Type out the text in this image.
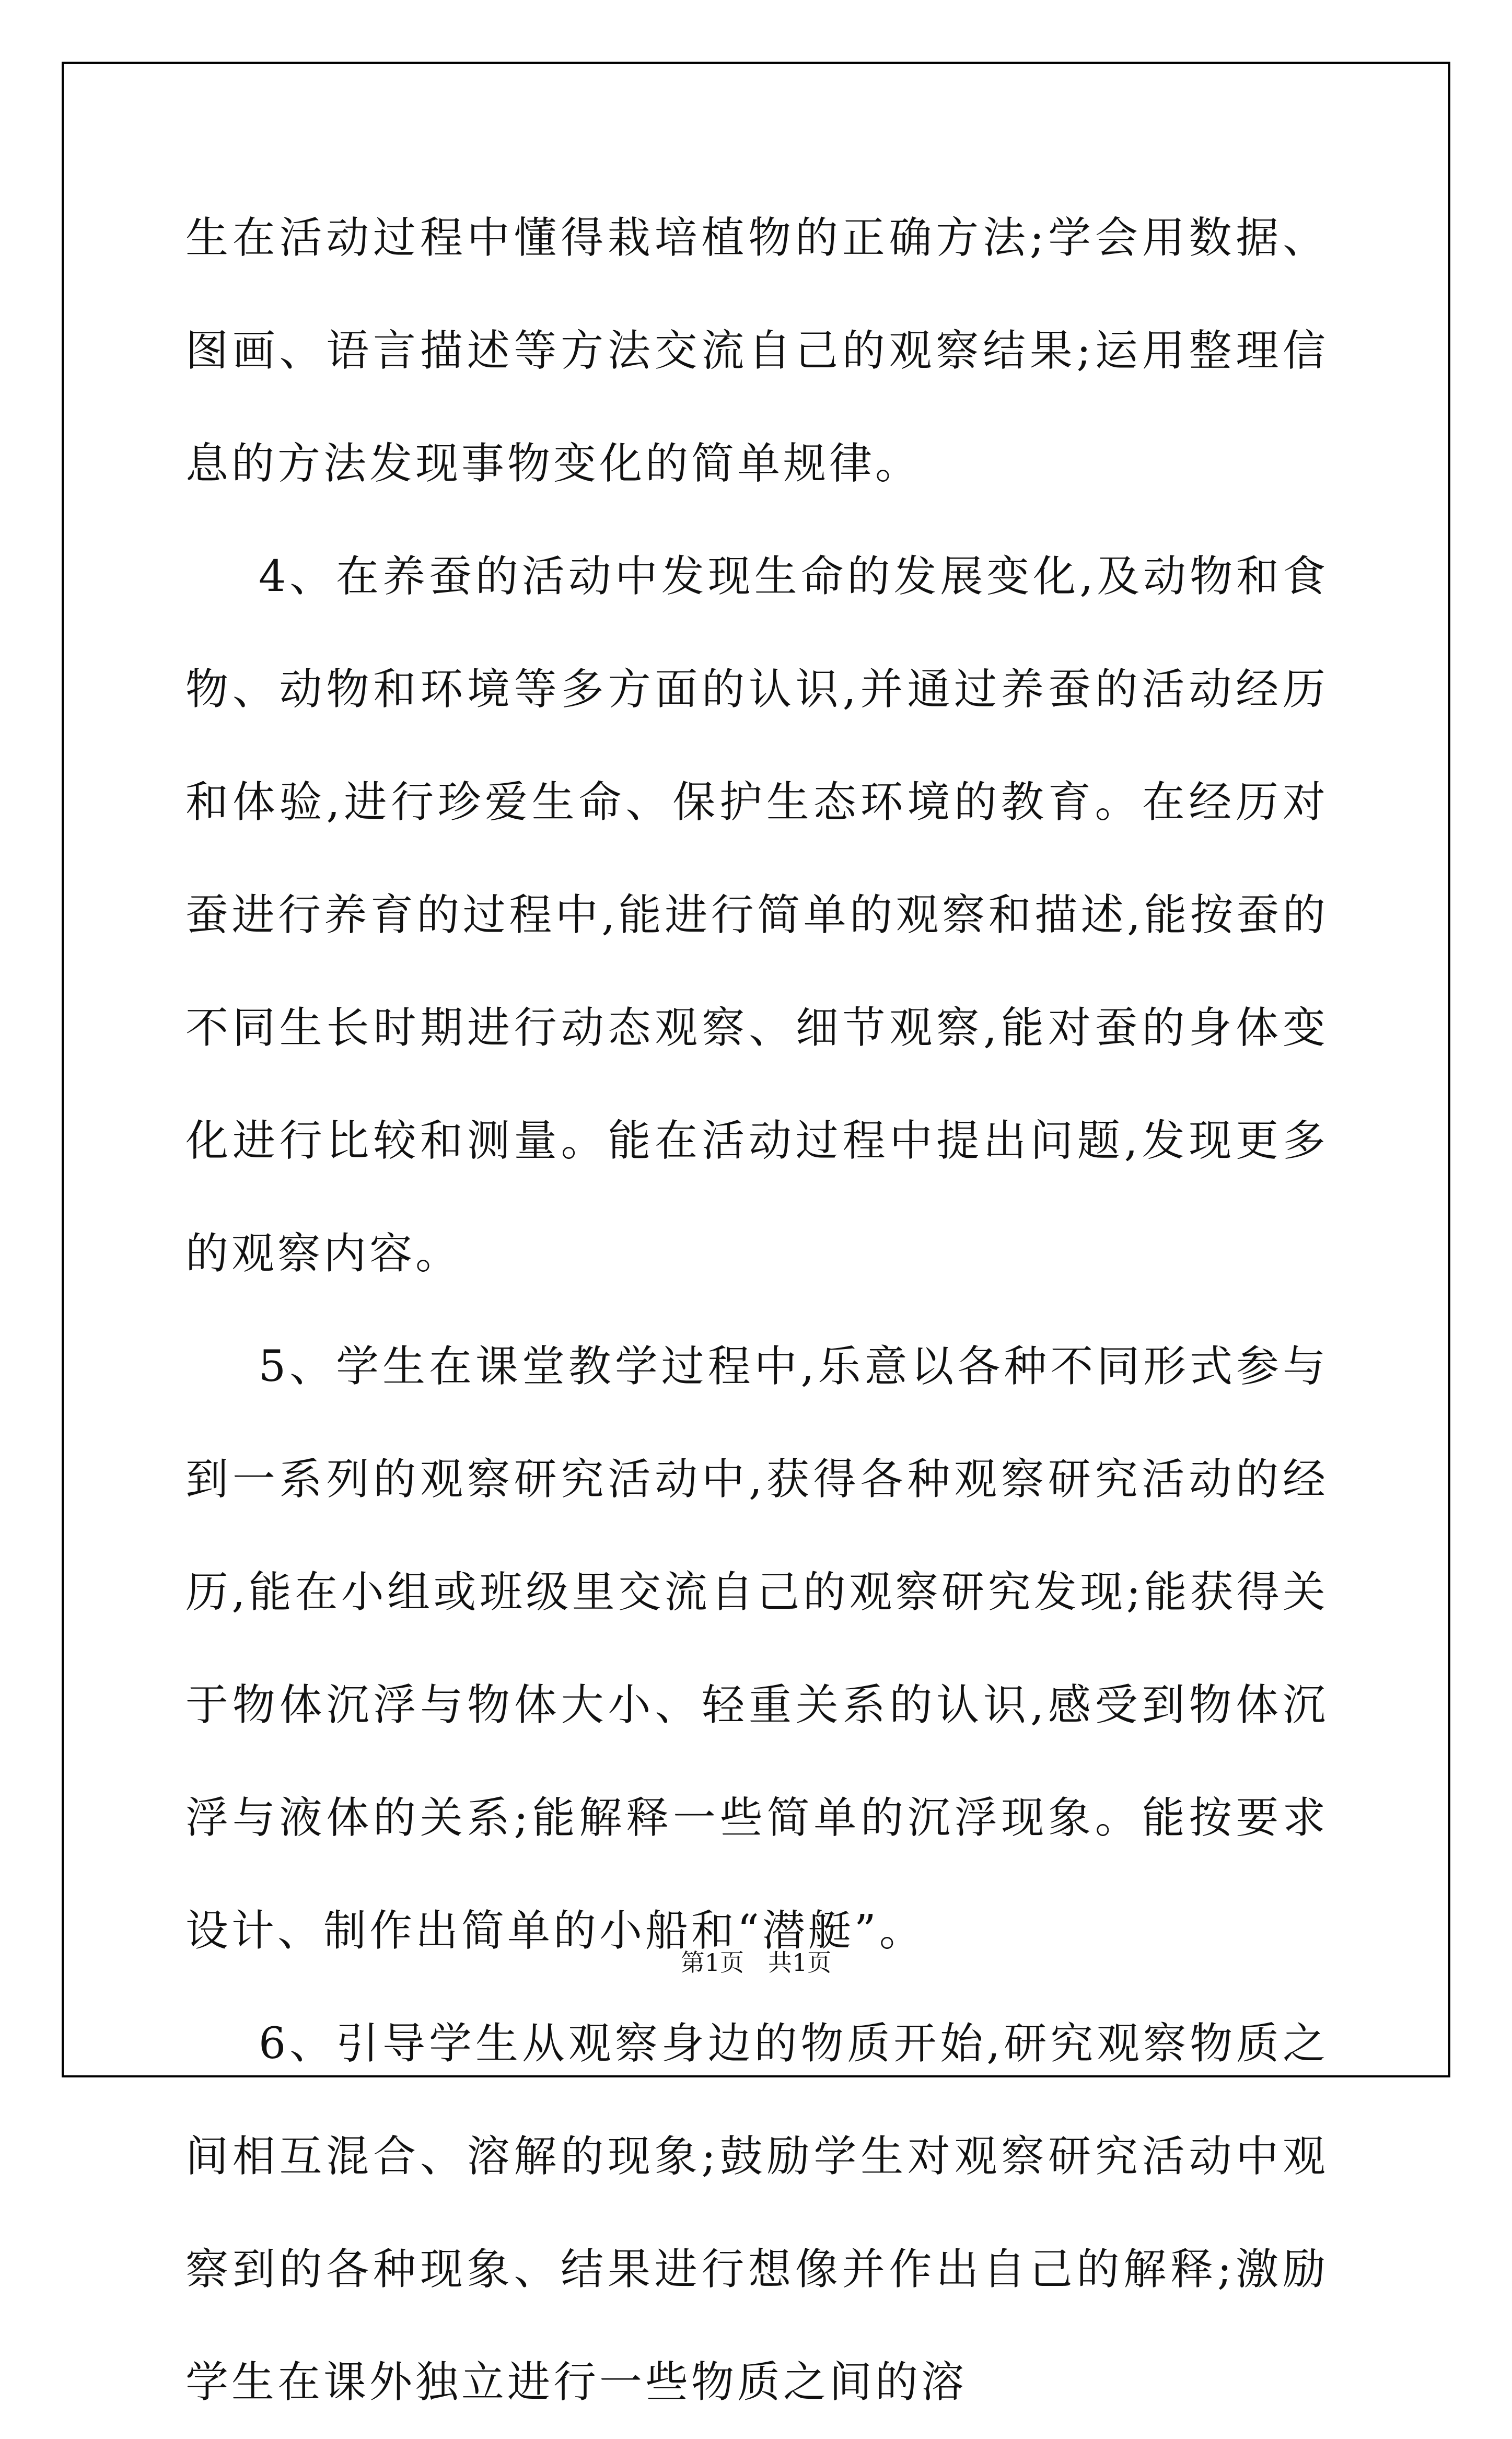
生在活动过程中懂得栽培植物的正确方法;学会用数据、图画、语言描述等方法交流自己的观察结果;运用整理信息的方法发现事物变化的简单规律。

4、在养蚕的活动中发现生命的发展变化,及动物和食物、动物和环境等多方面的认识,并通过养蚕的活动经历和体验,进行珍爱生命、保护生态环境的教育。在经历对蚕进行养育的过程中,能进行简单的观察和描述,能按蚕的不同生长时期进行动态观察、细节观察,能对蚕的身体变化进行比较和测量。能在活动过程中提出问题,发现更多的观察内容。

5、学生在课堂教学过程中,乐意以各种不同形式参与到一系列的观察研究活动中,获得各种观察研究活动的经历,能在小组或班级里交流自己的观察研究发现;能获得关于物体沉浮与物体大小、轻重关系的认识,感受到物体沉浮与液体的关系;能解释一些简单的沉浮现象。能按要求设计、制作出简单的小船和“潜艇”。

6、引导学生从观察身边的物质开始,研究观察物质之间相互混合、溶解的现象;鼓励学生对观察研究活动中观察到的各种现象、结果进行想像并作出自己的解释;激励学生在课外独立进行一些物质之间的溶

第1页 共1页
